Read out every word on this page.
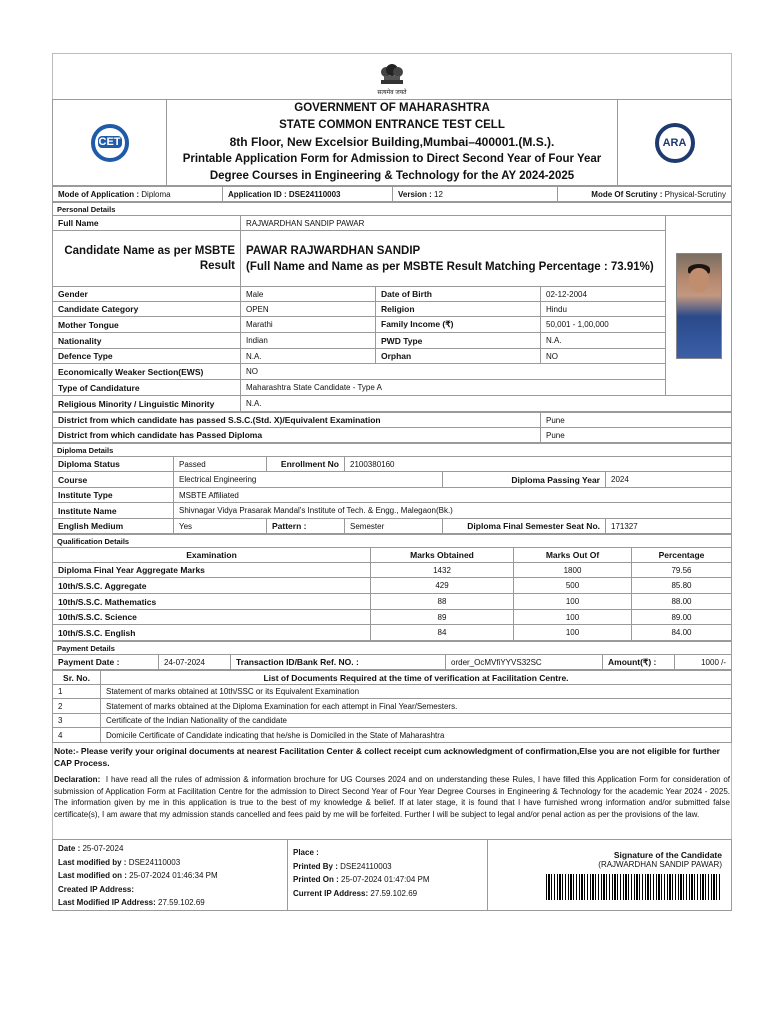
सत्यमेव जयते
CET

GOVERNMENT OF MAHARASHTRA
STATE COMMON ENTRANCE TEST CELL
8th Floor, New Excelsior Building,Mumbai–400001.(M.S.).
Printable Application Form for Admission to Direct Second Year of Four Year
Degree Courses in Engineering & Technology for the AY 2024-2025

ARA
Mode of Application : Diploma	Application ID : DSE24110003	Version : 12	Mode Of Scrutiny : Physical-Scrutiny
Personal Details				
Full Name	RAJWARDHAN SANDIP PAWAR			

Candidate Name as per MSBTE Result	PAWAR RAJWARDHAN SANDIP
(Full Name and Name as per MSBTE Result Matching Percentage : 73.91%)			

Gender	Male	Date of Birth	02-12-2004	
Candidate Category	OPEN	Religion	Hindu	
Mother Tongue	Marathi	Family Income (₹)	50,001 - 1,00,000	
Nationality	Indian	PWD Type	N.A.	
Defence Type	N.A.	Orphan	NO	
Economically Weaker Section(EWS)	NO			
Type of Candidature	Maharashtra State Candidate - Type A			
Religious Minority / Linguistic Minority	N.A.			
District from which candidate has passed S.S.C.(Std. X)/Equivalent Examination	Pune
District from which candidate has Passed Diploma	Pune
Diploma Details					
Diploma Status	Passed	Enrollment No	2100380160		
Course	Electrical Engineering			Diploma Passing Year	2024
Institute Type	MSBTE Affiliated				
Institute Name	Shivnagar Vidya Prasarak Mandal's Institute of Tech. & Engg., Malegaon(Bk.)				
English Medium	Yes	Pattern :	Semester	Diploma Final Semester Seat No.	171327
Qualification Details			
Examination	Marks Obtained	Marks Out Of	Percentage
Diploma Final Year Aggregate Marks	1432	1800	79.56
10th/S.S.C. Aggregate	429	500	85.80
10th/S.S.C. Mathematics	88	100	88.00
10th/S.S.C. Science	89	100	89.00
10th/S.S.C. English	84	100	84.00
Payment Details
Payment Date :	24-07-2024	Transaction ID/Bank Ref. NO. :	order_OcMVfiYYVS32SC	Amount(₹) :	1000 /-
Sr. No.	List of Documents Required at the time of verification at Facilitation Centre.
1	Statement of marks obtained at 10th/SSC or its Equivalent Examination
2	Statement of marks obtained at the Diploma Examination for each attempt in Final Year/Semesters.
3	Certificate of the Indian Nationality of the candidate
4	Domicile Certificate of Candidate indicating that he/she is Domiciled in the State of Maharashtra
Note:- Please verify your original documents at nearest Facilitation Center & collect receipt cum acknowledgment of confirmation,Else you are not eligible for further CAP Process.
Declaration: I have read all the rules of admission & information brochure for UG Courses 2024 and on understanding these Rules, I have filled this Application Form for consideration of submission of Application Form at Facilitation Centre for the admission to Direct Second Year of Four Year Degree Courses in Engineering & Technology for the academic Year 2024 - 2025. The information given by me in this application is true to the best of my knowledge & belief. If at later stage, it is found that I have furnished wrong information and/or submitted false certificate(s), I am aware that my admission stands cancelled and fees paid by me will be forfeited. Further I will be subject to legal and/or penal action as per the provisions of the law.
Date : 25-07-2024
Last modified by : DSE24110003
Last modified on : 25-07-2024 01:46:34 PM
Created IP Address:
Last Modified IP Address: 27.59.102.69

Place :
Printed By : DSE24110003
Printed On : 25-07-2024 01:47:04 PM
Current IP Address: 27.59.102.69

Signature of the Candidate
(RAJWARDHAN SANDIP PAWAR)
